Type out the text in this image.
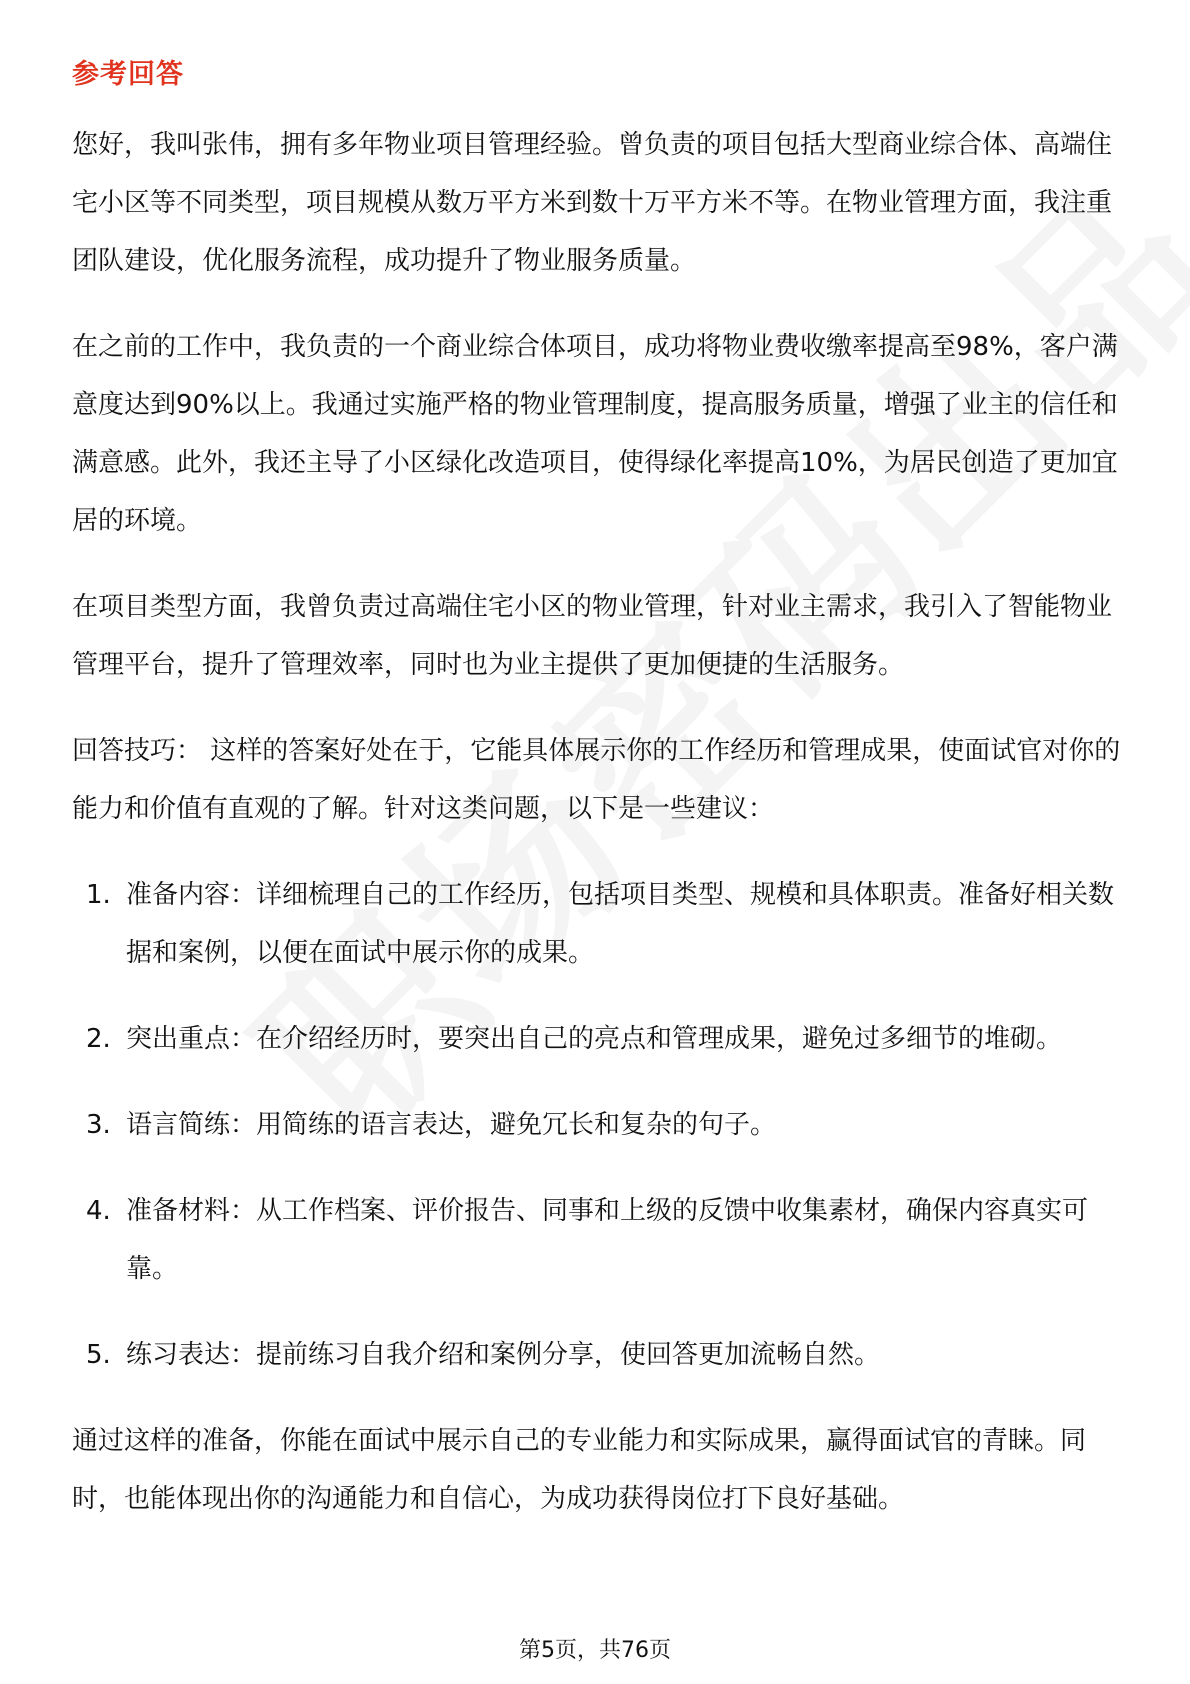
参考回答

您好，我叫张伟，拥有多年物业项目管理经验。曾负责的项目包括大型商业综合体、高端住宅小区等不同类型，项目规模从数万平方米到数十万平方米不等。在物业管理方面，我注重团队建设，优化服务流程，成功提升了物业服务质量。

在之前的工作中，我负责的一个商业综合体项目，成功将物业费收缴率提高至98%，客户满意度达到90%以上。我通过实施严格的物业管理制度，提高服务质量，增强了业主的信任和满意感。此外，我还主导了小区绿化改造项目，使得绿化率提高10%，为居民创造了更加宜居的环境。

在项目类型方面，我曾负责过高端住宅小区的物业管理，针对业主需求，我引入了智能物业管理平台，提升了管理效率，同时也为业主提供了更加便捷的生活服务。

回答技巧： 这样的答案好处在于，它能具体展示你的工作经历和管理成果，使面试官对你的能力和价值有直观的了解。针对这类问题，以下是一些建议：

1. 准备内容：详细梳理自己的工作经历，包括项目类型、规模和具体职责。准备好相关数据和案例，以便在面试中展示你的成果。
2. 突出重点：在介绍经历时，要突出自己的亮点和管理成果，避免过多细节的堆砌。
3. 语言简练：用简练的语言表达，避免冗长和复杂的句子。
4. 准备材料：从工作档案、评价报告、同事和上级的反馈中收集素材，确保内容真实可靠。
5. 练习表达：提前练习自我介绍和案例分享，使回答更加流畅自然。

通过这样的准备，你能在面试中展示自己的专业能力和实际成果，赢得面试官的青睐。同时，也能体现出你的沟通能力和自信心，为成功获得岗位打下良好基础。

第5页，共76页
